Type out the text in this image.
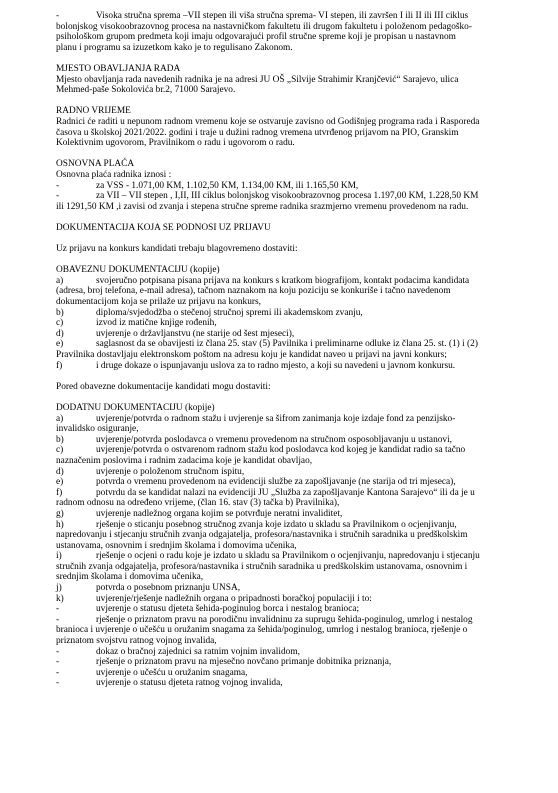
-	Visoka stručna sprema –VII stepen ili viša stručna sprema- VI stepen, ili završen I ili II ili III ciklus

bolonjskog visokoobrazovnog procesa na nastavničkom fakultetu ili drugom fakultetu i položenom pedagoško-

psihološkom grupom predmeta koji imaju odgovarajući profil stručne spreme koji je propisan u nastavnom

planu i programu sa izuzetkom kako je to regulisano Zakonom.

MJESTO OBAVLJANJA RADA

Mjesto obavljanja rada navedenih radnika je na adresi JU OŠ „Silvije Strahimir Kranjčević“ Sarajevo, ulica

Mehmed-paše Sokolovića br.2, 71000 Sarajevo.

RADNO VRIJEME

Radnici će raditi u nepunom radnom vremenu koje se ostvaruje zavisno od Godišnjeg programa rada i Rasporeda

časova u školskoj 2021/2022. godini i traje u dužini radnog vremena utvrđenog prijavom na PIO, Granskim

Kolektivnim ugovorom, Pravilnikom o radu i ugovorom o radu.

OSNOVNA PLAĆA

Osnovna plaća radnika iznosi :

-	za VSS - 1.071,00 KM, 1.102,50 KM, 1.134,00 KM, ili 1.165,50 KM,
-	za VII – VII stepen , I,II, III ciklus bolonjskog visokoobrazovnog procesa 1.197,00 KM, 1.228,50 KM

ili 1291,50 KM ,i zavisi od zvanja i stepena stručne spreme radnika srazmjerno vremenu provedenom na radu.

DOKUMENTACIJA KOJA SE PODNOSI UZ PRIJAVU

Uz prijavu na konkurs kandidati trebaju blagovremeno dostaviti:

OBAVEZNU DOKUMENTACIJU (kopije)

a)	svojeručno potpisana pisana prijava na konkurs s kratkom biografijom, kontakt podacima kandidata

(adresa, broj telefona, e-mail adresa), tačnom naznakom na koju poziciju se konkuriše i tačno navedenom

dokumentacijom koja se prilaže uz prijavu na konkurs,

b)	diploma/svjedodžba o stečenoj stručnoj spremi ili akademskom zvanju,
c)	izvod iz matične knjige rođenih,
d)	uvjerenje o državljanstvu (ne starije od šest mjeseci),
e)	saglasnost da se obavijesti iz člana 25. stav (5) Pavilnika i preliminarne odluke iz člana 25. st. (1) i (2)

Pravilnika dostavljaju elektronskom poštom na adresu koju je kandidat naveo u prijavi na javni konkurs;

f)	i druge dokaze o ispunjavanju uslova za to radno mjesto, a koji su navedeni u javnom konkursu.

Pored obavezne dokumentacije kandidati mogu dostaviti:

DODATNU DOKUMENTACIJU (kopije)

a)	uvjerenje/potvrda o radnom stažu i uvjerenje sa šifrom zanimanja koje izdaje fond za penzijsko-

invalidsko osiguranje,

b)	uvjerenje/potvrda poslodavca o vremenu provedenom na stručnom osposobljavanju u ustanovi,
c)	uvjerenje/potvrda o ostvarenom radnom stažu kod poslodavca kod kojeg je kandidat radio sa tačno

naznačenim poslovima i radnim zadacima koje je kandidat obavljao,

d)	uvjerenje o položenom stručnom ispitu,
e)	potvrda o vremenu provedenom na evidenciji službe za zapošljavanje (ne starija od tri mjeseca),
f)	potvrdu da se kandidat nalazi na evidenciji JU „Služba za zapošljavanje Kantona Sarajevo“ ili da je u

radnom odnosu na određeno vrijeme, (član 16. stav (3) tačka b) Pravilnika),

g)	uvjerenje nadležnog organa kojim se potvrđuje neratni invaliditet,
h)	rješenje o sticanju posebnog stručnog zvanja koje izdato u skladu sa Pravilnikom o ocjenjivanju,

napredovanju i stjecanju stručnih zvanja odgajatelja, profesora/nastavnika i stručnih saradnika u predškolskim

ustanovama, osnovnim i srednjim školama i domovima učenika,

i)	rješenje o ocjeni o radu koje je izdato u skladu sa Pravilnikom o ocjenjivanju, napredovanju i stjecanju

stručnih zvanja odgajatelja, profesora/nastavnika i stručnih saradnika u predškolskim ustanovama, osnovnim i

srednjim školama i domovima učenika,

j)	potvrda o posebnom priznanju UNSA,
k)	uvjerenje/rješenje nadležnih organa o pripadnosti boračkoj populaciji i to:
-	uvjerenje o statusu djeteta šehida-poginulog borca i nestalog branioca;
-	rješenje o priznatom pravu na porodičnu invalidninu za suprugu šehida-poginulog, umrlog i nestalog

branioca i uvjerenje o učešću u oružanim snagama za šehida/poginulog, umrlog i nestalog branioca, rješenje o

priznatom svojstvu ratnog vojnog invalida,

-	dokaz o bračnoj zajednici sa ratnim vojnim invalidom,
-	rješenje o priznatom pravu na mjesečno novčano primanje dobitnika priznanja,
-	uvjerenje o učešću u oružanim snagama,
-	uvjerenje o statusu djeteta ratnog vojnog invalida,
